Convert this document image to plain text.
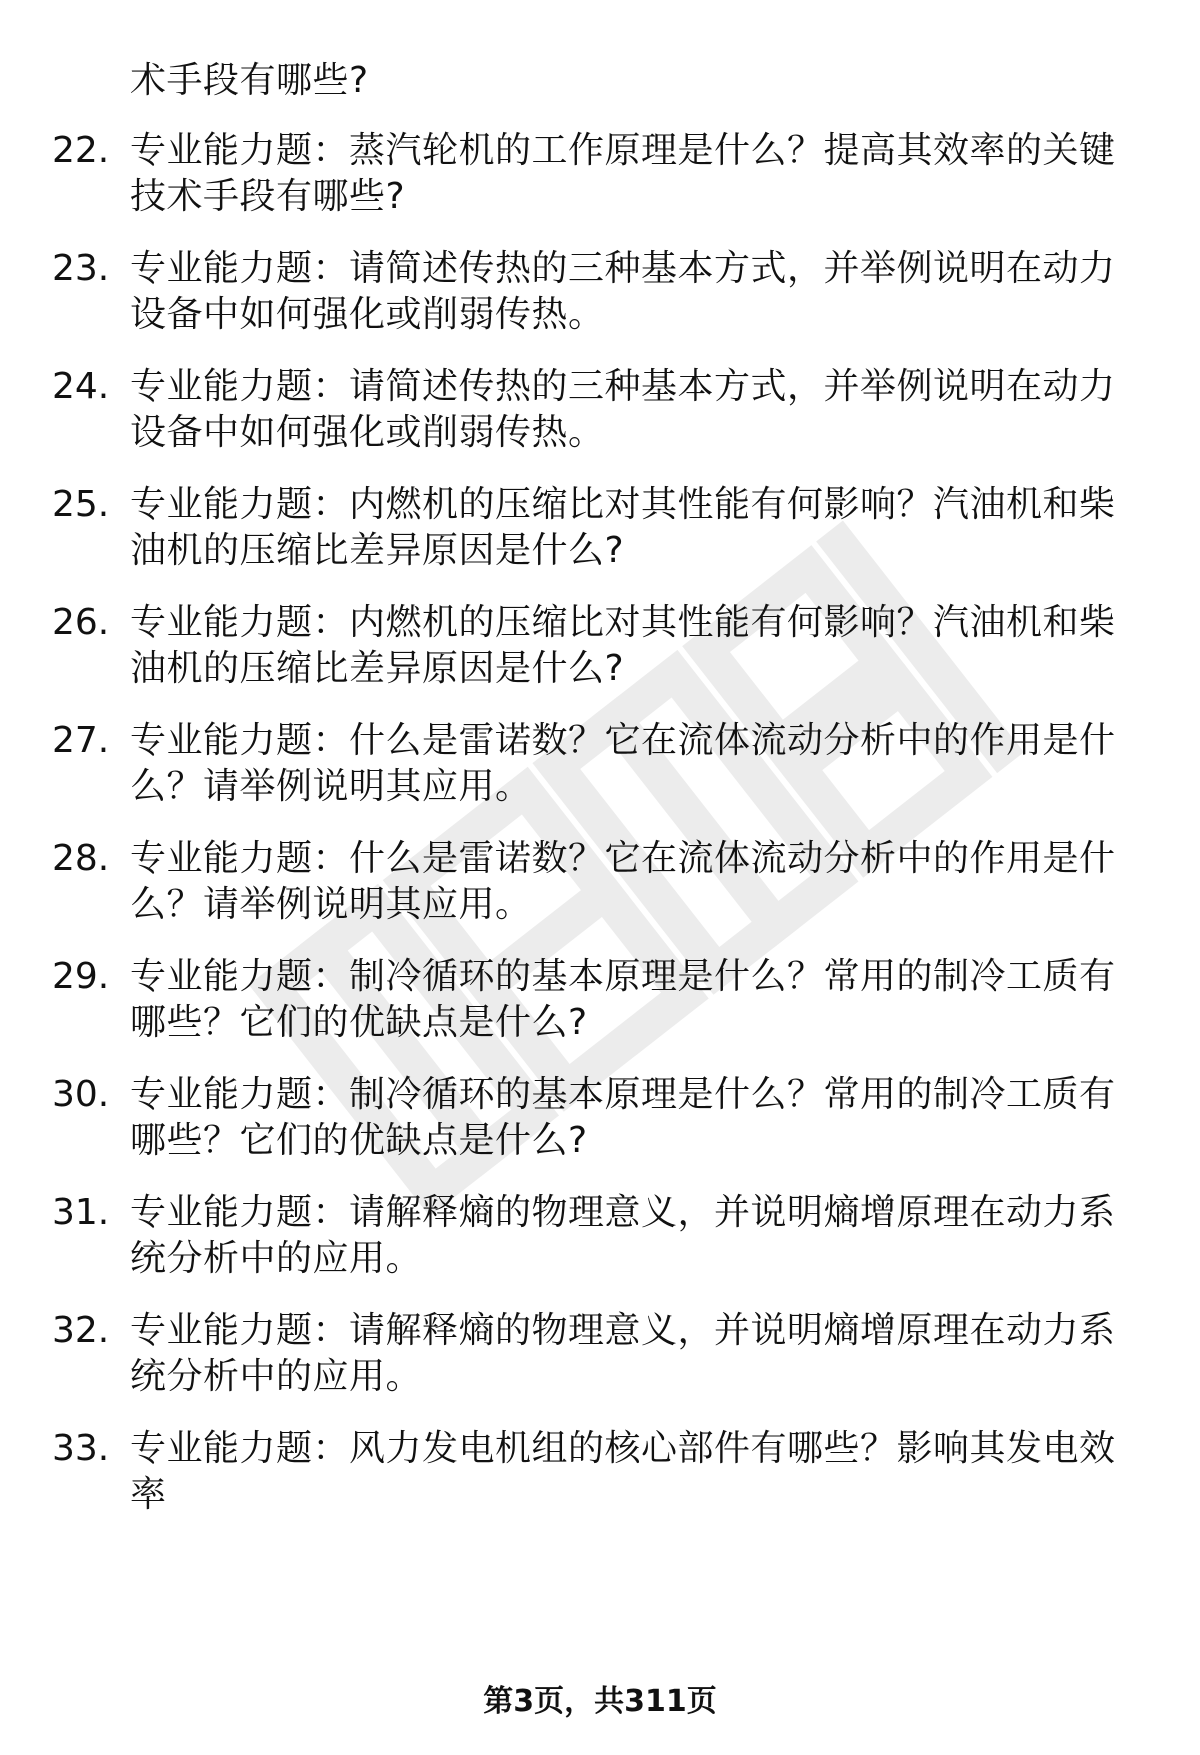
术手段有哪些?
22. 专业能力题：蒸汽轮机的工作原理是什么？提高其效率的关键技术手段有哪些?
23. 专业能力题：请简述传热的三种基本方式，并举例说明在动力设备中如何强化或削弱传热。
24. 专业能力题：请简述传热的三种基本方式，并举例说明在动力设备中如何强化或削弱传热。
25. 专业能力题：内燃机的压缩比对其性能有何影响？汽油机和柴油机的压缩比差异原因是什么?
26. 专业能力题：内燃机的压缩比对其性能有何影响？汽油机和柴油机的压缩比差异原因是什么?
27. 专业能力题：什么是雷诺数？它在流体流动分析中的作用是什么？请举例说明其应用。
28. 专业能力题：什么是雷诺数？它在流体流动分析中的作用是什么？请举例说明其应用。
29. 专业能力题：制冷循环的基本原理是什么？常用的制冷工质有哪些？它们的优缺点是什么?
30. 专业能力题：制冷循环的基本原理是什么？常用的制冷工质有哪些？它们的优缺点是什么?
31. 专业能力题：请解释熵的物理意义，并说明熵增原理在动力系统分析中的应用。
32. 专业能力题：请解释熵的物理意义，并说明熵增原理在动力系统分析中的应用。
33. 专业能力题：风力发电机组的核心部件有哪些？影响其发电效率
第3页，共311页
